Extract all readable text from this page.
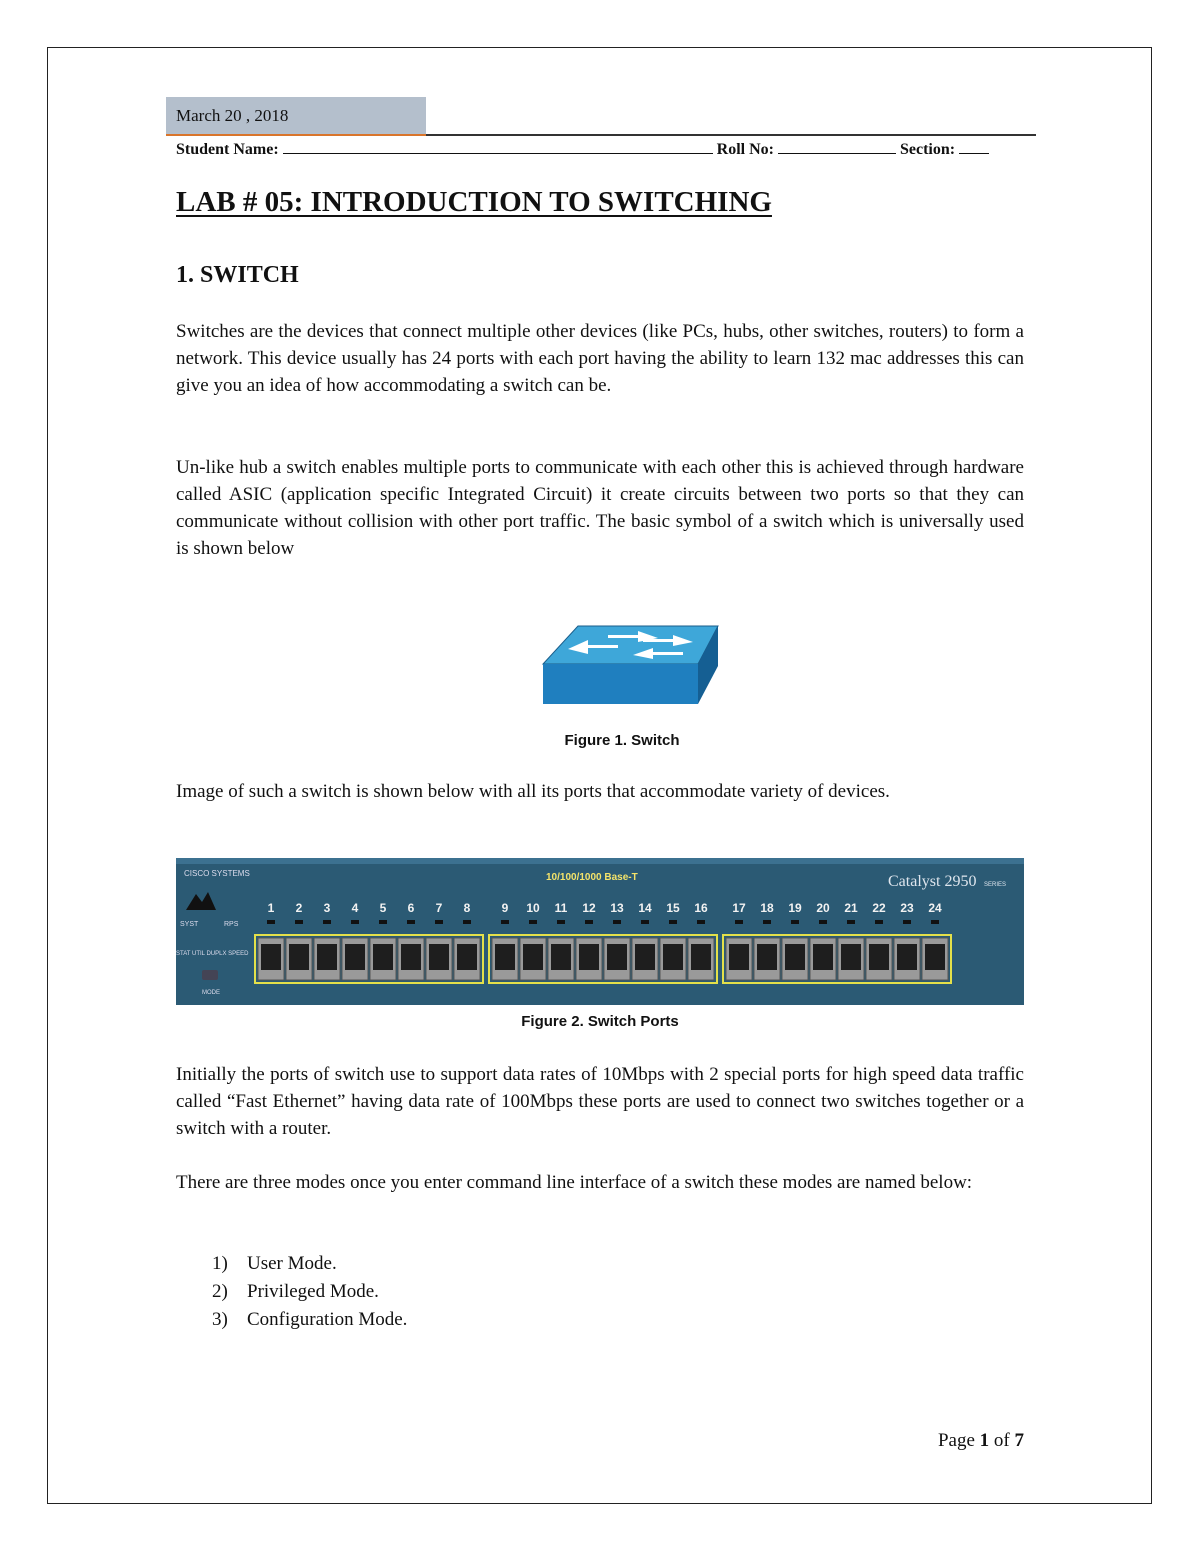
March 20 , 2018
Student Name:	Roll No:	Section:
LAB # 05: INTRODUCTION TO SWITCHING
1. SWITCH

Switches are the devices that connect multiple other devices (like PCs, hubs, other switches, routers) to form a network. This device usually has 24 ports with each port having the ability to learn 132 mac addresses this can give you an idea of how accommodating a switch can be.

Un-like hub a switch enables multiple ports to communicate with each other this is achieved through hardware called ASIC (application specific Integrated Circuit) it create circuits between two ports so that they can communicate without collision with other port traffic. The basic symbol of a switch which is universally used is shown below

Figure 1. Switch

Image of such a switch is shown below with all its ports that accommodate variety of devices.

CISCO SYSTEMS
SYST	RPS
STAT UTIL DUPLX SPEED
MODE
10/100/1000 Base-T	Catalyst 2950 SERIES
1 2 3 4 5 6 7 8	9 10 11 12 13 14 15 16 17 18 19 20 21 22 23 24
Figure 2. Switch Ports

Initially the ports of switch use to support data rates of 10Mbps with 2 special ports for high speed data traffic called “Fast Ethernet” having data rate of 100Mbps these ports are used to connect two switches together or a switch with a router.

There are three modes once you enter command line interface of a switch these modes are named below:

1) User Mode.
2) Privileged Mode.
3) Configuration Mode.
Page 1 of 7
